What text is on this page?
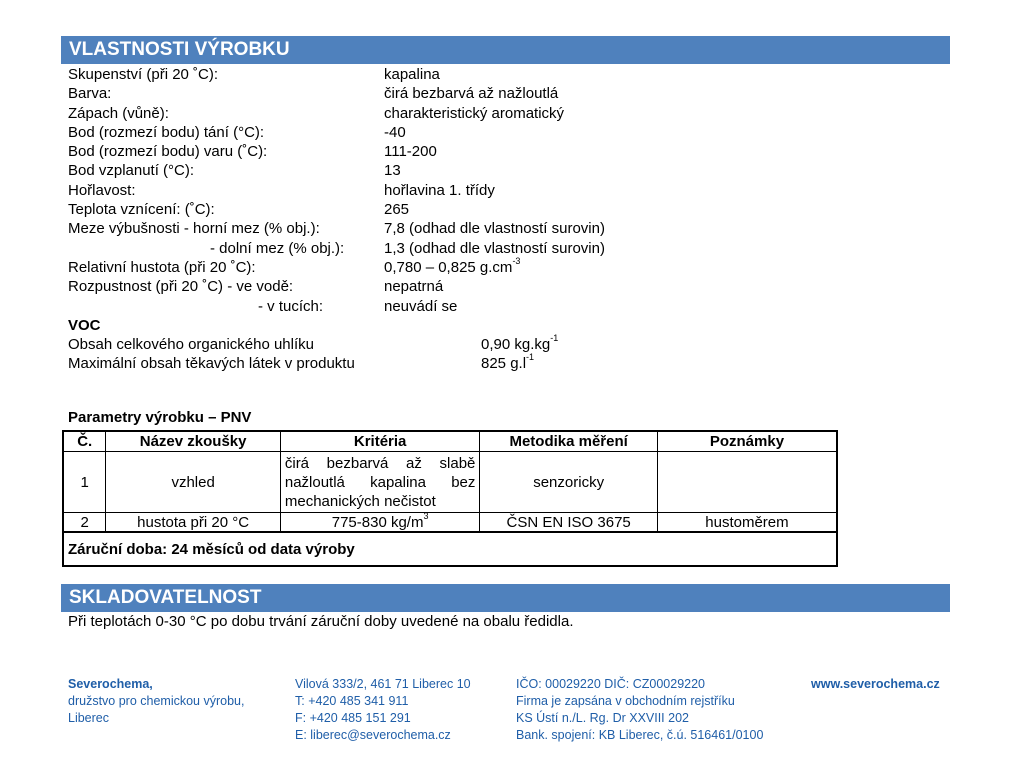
VLASTNOSTI VÝROBKU
Skupenství (při 20 ˚C):	kapalina
Barva:	čirá bezbarvá až nažloutlá
Zápach (vůně):	charakteristický aromatický
Bod (rozmezí bodu) tání (°C):	-40
Bod (rozmezí bodu) varu (˚C):	111-200
Bod vzplanutí (°C):	13
Hořlavost:	hořlavina 1. třídy
Teplota vznícení: (˚C):	265
Meze výbušnosti - horní mez (% obj.):	7,8 (odhad dle vlastností surovin)
- dolní mez (% obj.):	1,3 (odhad dle vlastností surovin)
Relativní hustota (při 20 ˚C):	0,780 – 0,825 $g.cm^{-3}$
Rozpustnost (při 20 ˚C) - ve vodě:	nepatrná
- v tucích:	neuvádí se
VOC
Obsah celkového organického uhlíku	0,90 $kg.kg^{-1}$
Maximální obsah těkavých látek v produktu	825 $g.l^{-1}$
Parametry výrobku – PNV
Č.	Název zkoušky	Kritéria	Metodika měření	Poznámky
1	vzhled	čirá bezbarvá až slabě
nažloutlá kapalina bez
mechanických nečistot	senzoricky	
2	hustota při 20 °C	775-830 $kg/m^3$	ČSN EN ISO 3675	hustoměrem
Záruční doba: 24 měsíců od data výroby				
SKLADOVATELNOST
Při teplotách 0-30 °C po dobu trvání záruční doby uvedené na obalu ředidla.
Severochema,
družstvo pro chemickou výrobu,
Liberec
Vilová 333/2, 461 71 Liberec 10
T: +420 485 341 911
F: +420 485 151 291
E: liberec@severochema.cz
IČO: 00029220 DIČ: CZ00029220
Firma je zapsána v obchodním rejstříku
KS Ústí n./L. Rg. Dr XXVIII 202
Bank. spojení: KB Liberec, č.ú. 516461/0100
www.severochema.cz
